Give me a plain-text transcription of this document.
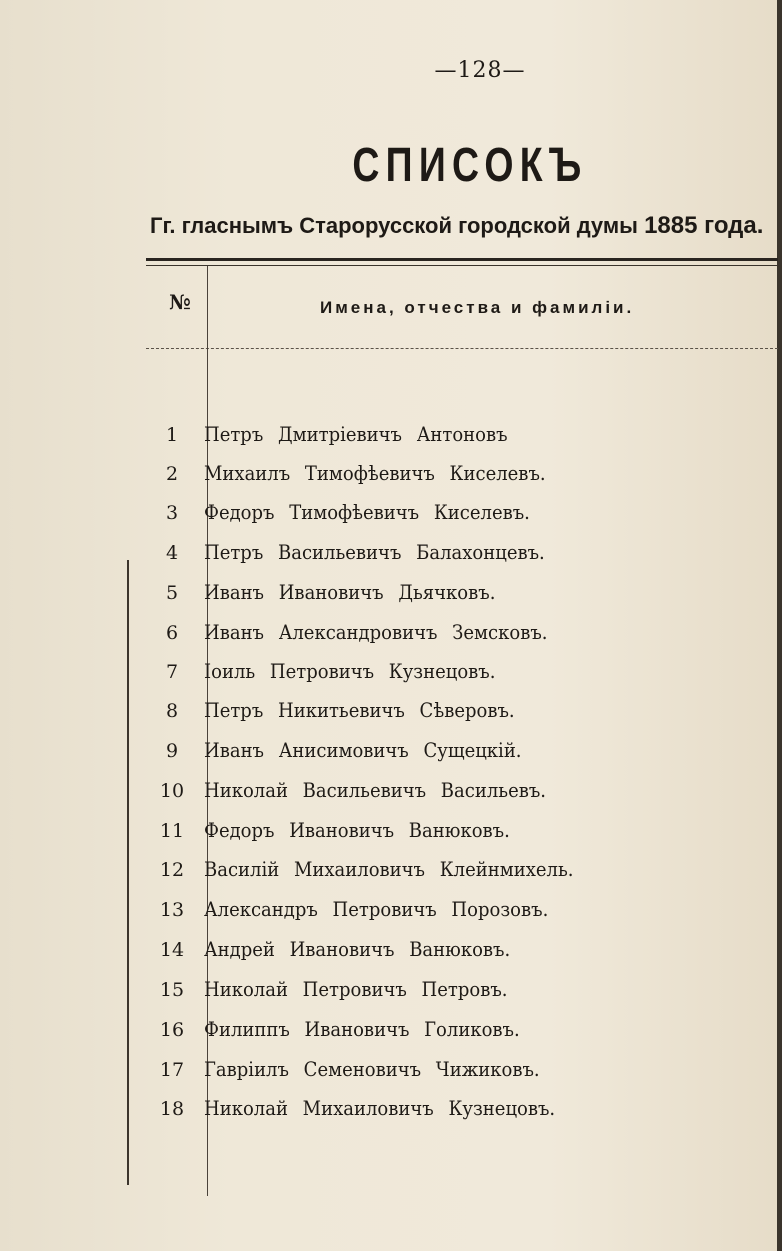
—128—
СПИСОКЪ
Гг. гласнымъ Старорусской городской думы 1885 года.
№	Имена, отчества и фамиліи.
1	Петръ Дмитріевичъ Антоновъ
2	Михаилъ Тимофѣевичъ Киселевъ.
3	Федоръ Тимофѣевичъ Киселевъ.
4	Петръ Васильевичъ Балахонцевъ.
5	Иванъ Ивановичъ Дьячковъ.
6	Иванъ Александровичъ Земсковъ.
7	Іоиль Петровичъ Кузнецовъ.
8	Петръ Никитьевичъ Сѣверовъ.
9	Иванъ Анисимовичъ Сущецкій.
10 Николай Васильевичъ Васильевъ.
11 Федоръ Ивановичъ Ванюковъ.
12 Василій Михаиловичъ Клейнмихель.
13 Александръ Петровичъ Порозовъ.
14 Андрей Ивановичъ Ванюковъ.
15 Николай Петровичъ Петровъ.
16 Филиппъ Ивановичъ Голиковъ.
17 Гавріилъ Семеновичъ Чижиковъ.
18 Николай Михаиловичъ Кузнецовъ.
